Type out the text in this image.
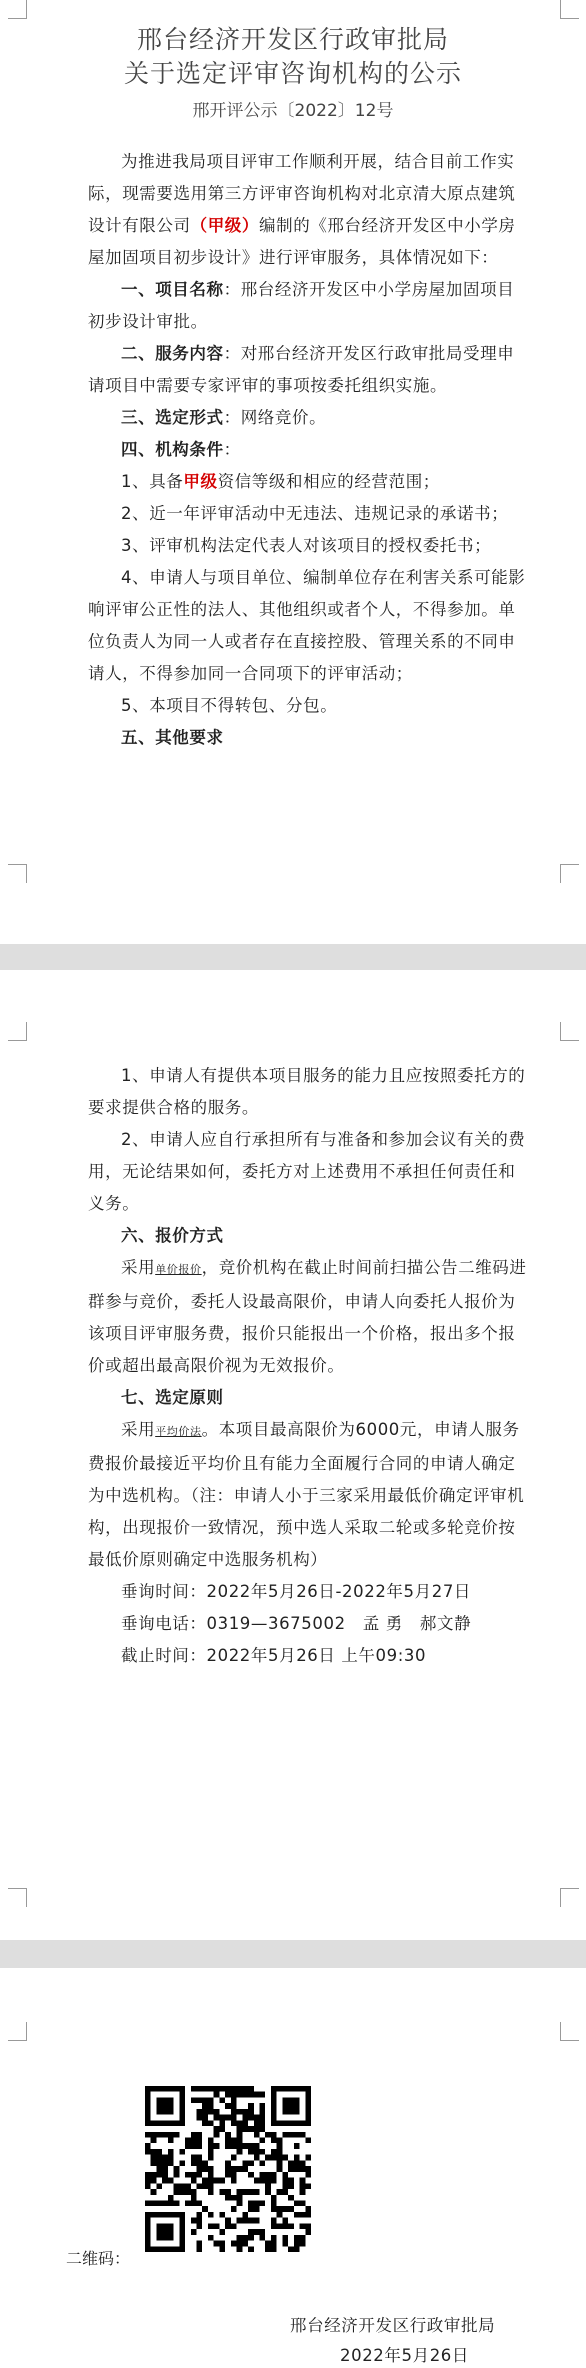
邢台经济开发区行政审批局
关于选定评审咨询机构的公示
邢开评公示〔2022〕12号

为推进我局项目评审工作顺利开展，结合目前工作实际，现需要选用第三方评审咨询机构对北京清大原点建筑设计有限公司（甲级）编制的《邢台经济开发区中小学房屋加固项目初步设计》进行评审服务，具体情况如下：

一、项目名称：邢台经济开发区中小学房屋加固项目初步设计审批。

二、服务内容：对邢台经济开发区行政审批局受理申请项目中需要专家评审的事项按委托组织实施。

三、选定形式：网络竞价。

四、机构条件：

1、具备甲级资信等级和相应的经营范围；

2、近一年评审活动中无违法、违规记录的承诺书；

3、评审机构法定代表人对该项目的授权委托书；

4、申请人与项目单位、编制单位存在利害关系可能影响评审公正性的法人、其他组织或者个人，不得参加。单位负责人为同一人或者存在直接控股、管理关系的不同申请人，不得参加同一合同项下的评审活动；

5、本项目不得转包、分包。

五、其他要求

1、申请人有提供本项目服务的能力且应按照委托方的要求提供合格的服务。

2、申请人应自行承担所有与准备和参加会议有关的费用，无论结果如何，委托方对上述费用不承担任何责任和义务。

六、报价方式

采用单价报价，竞价机构在截止时间前扫描公告二维码进群参与竞价，委托人设最高限价，申请人向委托人报价为该项目评审服务费，报价只能报出一个价格，报出多个报价或超出最高限价视为无效报价。

七、选定原则

采用平均价法。本项目最高限价为6000元，申请人服务费报价最接近平均价且有能力全面履行合同的申请人确定为中选机构。（注：申请人小于三家采用最低价确定评审机构，出现报价一致情况，预中选人采取二轮或多轮竞价按最低价原则确定中选服务机构）

垂询时间：2022年5月26日-2022年5月27日

垂询电话：0319—3675002　孟 勇　郝文静

截止时间：2022年5月26日 上午09:30

二维码：
邢台经济开发区行政审批局
2022年5月26日
